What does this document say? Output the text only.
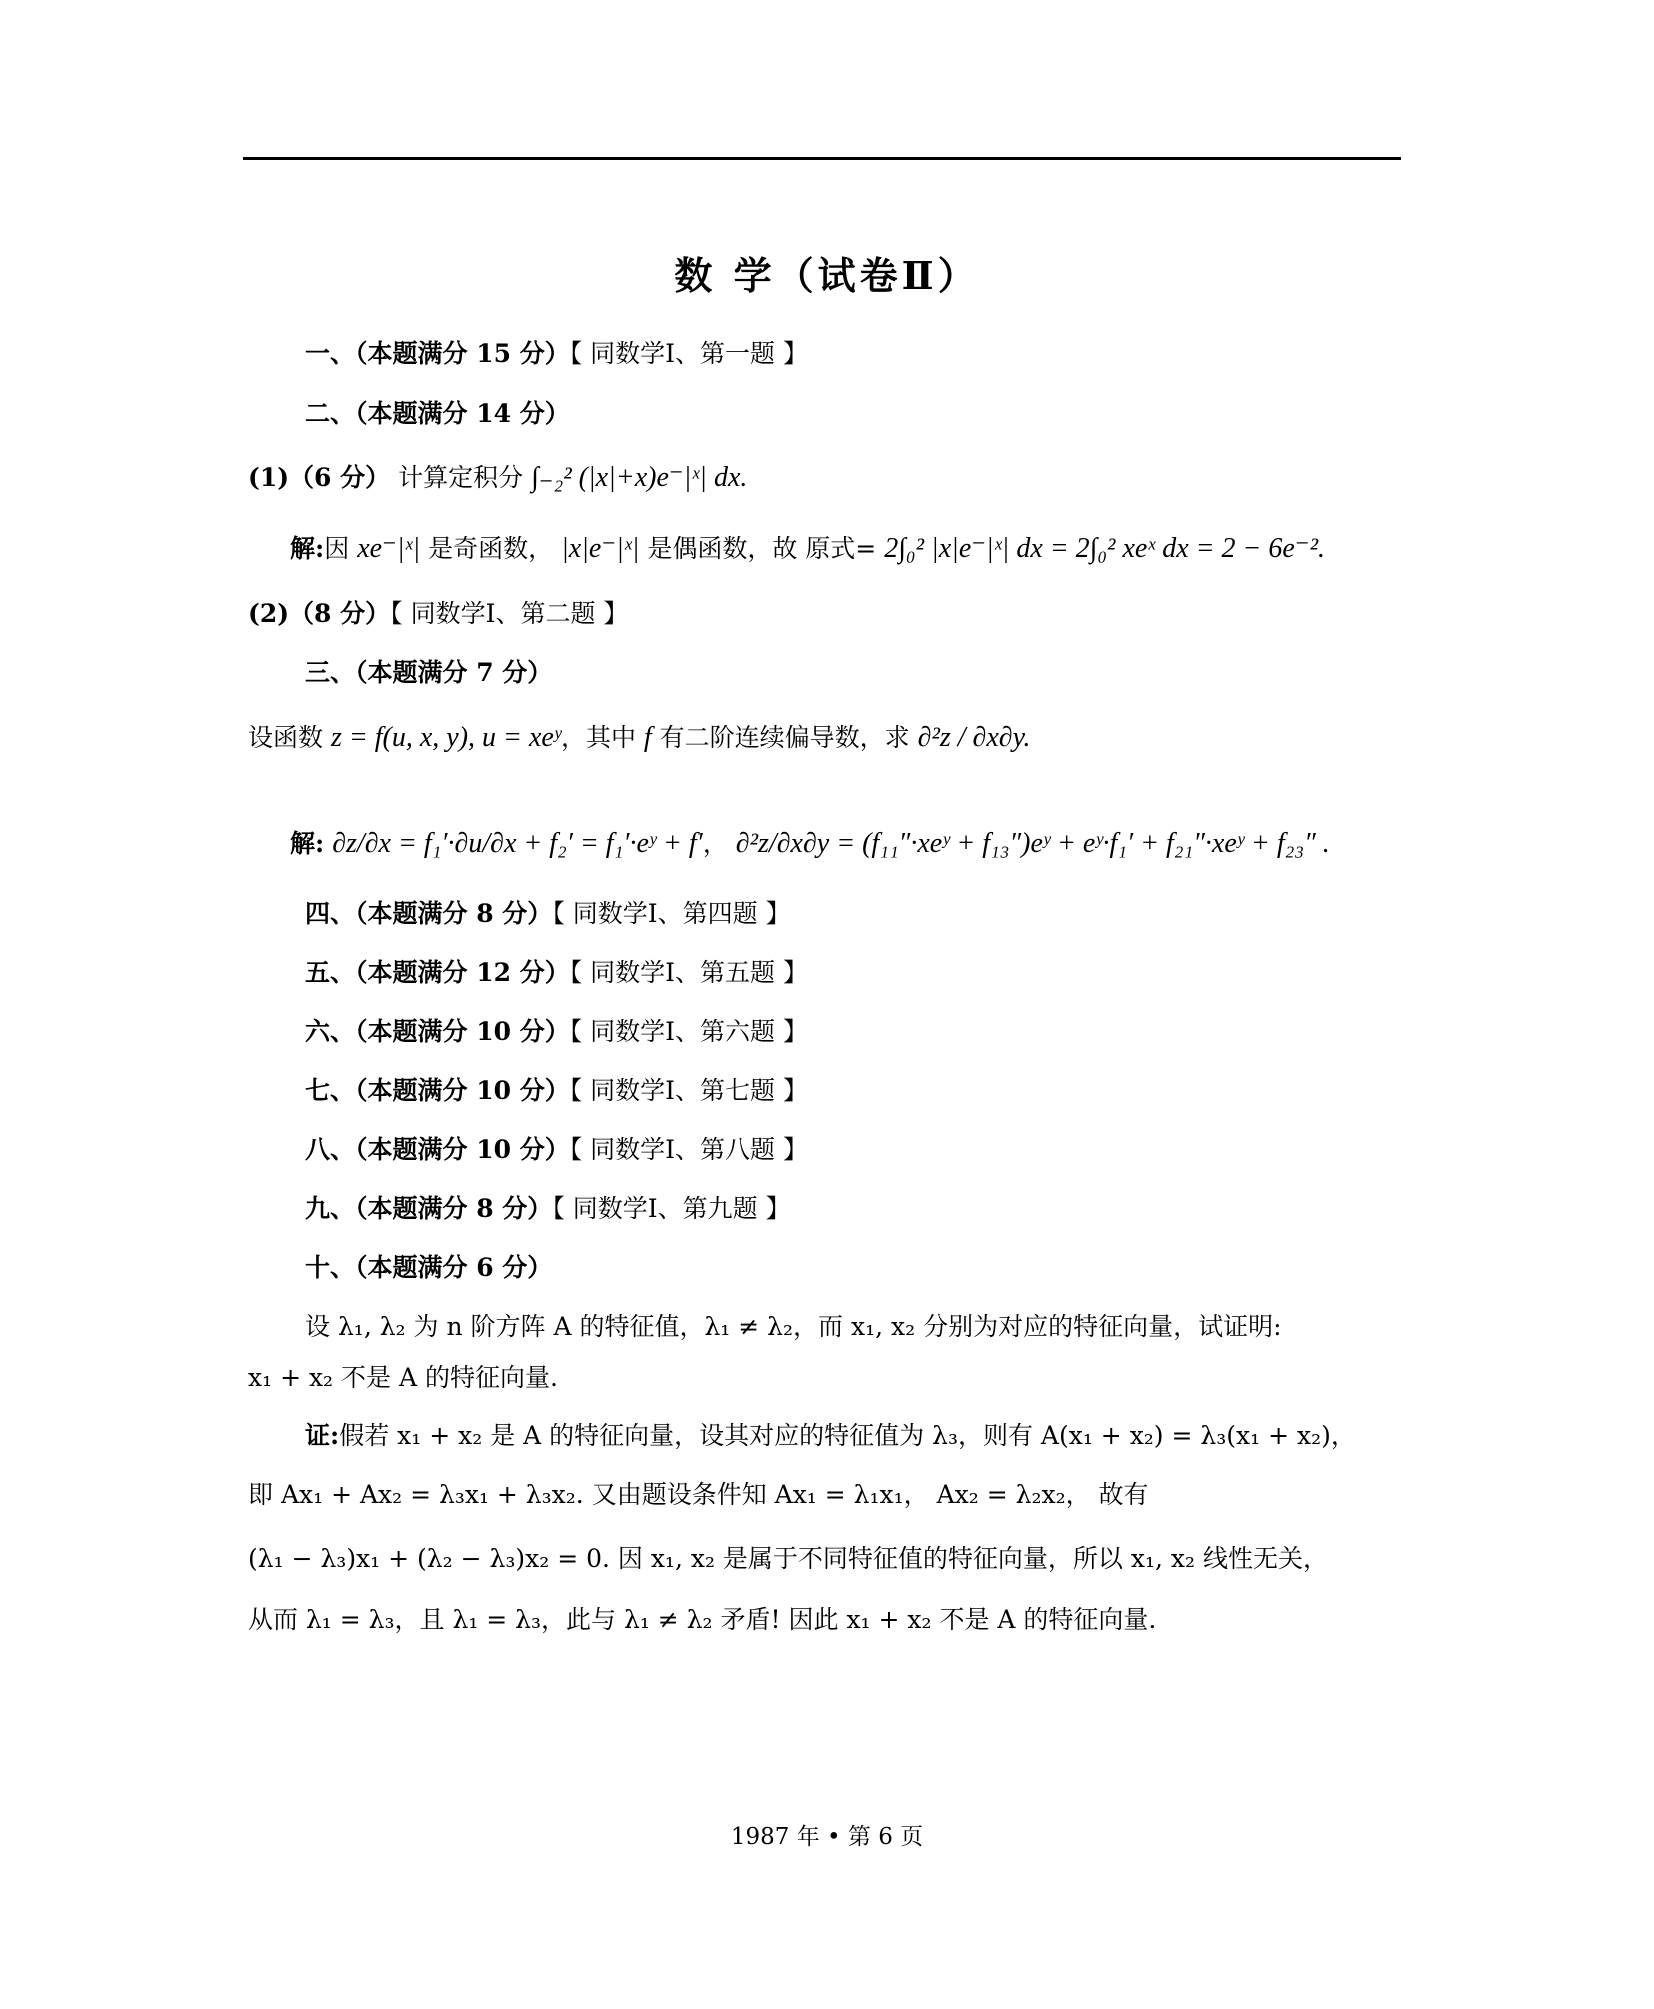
数 学（试卷Ⅱ）
一、（本题满分 15 分）【 同数学Ⅰ、第一题 】
二、（本题满分 14 分）
(1)（6 分） 计算定积分 ∫₋₂² (|x|+x)e⁻|ˣ| dx.
解:因 xe⁻|ˣ| 是奇函数， |x|e⁻|ˣ| 是偶函数，故 原式= 2∫₀² |x|e⁻|ˣ| dx = 2∫₀² xeˣ dx = 2 − 6e⁻².
(2)（8 分）【 同数学Ⅰ、第二题 】
三、（本题满分 7 分）
设函数 z = f(u, x, y), u = xeʸ，其中 f 有二阶连续偏导数，求 ∂²z / ∂x∂y.
解: ∂z/∂x = f₁′·∂u/∂x + f₂′ = f₁′·eʸ + f′， ∂²z/∂x∂y = (f₁₁″·xeʸ + f₁₃″)eʸ + eʸ·f₁′ + f₂₁″·xeʸ + f₂₃″ .
四、（本题满分 8 分）【 同数学Ⅰ、第四题 】
五、（本题满分 12 分）【 同数学Ⅰ、第五题 】
六、（本题满分 10 分）【 同数学Ⅰ、第六题 】
七、（本题满分 10 分）【 同数学Ⅰ、第七题 】
八、（本题满分 10 分）【 同数学Ⅰ、第八题 】
九、（本题满分 8 分）【 同数学Ⅰ、第九题 】
十、（本题满分 6 分）
设 λ₁, λ₂ 为 n 阶方阵 A 的特征值，λ₁ ≠ λ₂，而 x₁, x₂ 分别为对应的特征向量，试证明:
x₁ + x₂ 不是 A 的特征向量.
证:假若 x₁ + x₂ 是 A 的特征向量，设其对应的特征值为 λ₃，则有 A(x₁ + x₂) = λ₃(x₁ + x₂)，
即 Ax₁ + Ax₂ = λ₃x₁ + λ₃x₂. 又由题设条件知 Ax₁ = λ₁x₁， Ax₂ = λ₂x₂， 故有
(λ₁ − λ₃)x₁ + (λ₂ − λ₃)x₂ = 0. 因 x₁, x₂ 是属于不同特征值的特征向量，所以 x₁, x₂ 线性无关，
从而 λ₁ = λ₃，且 λ₁ = λ₃，此与 λ₁ ≠ λ₂ 矛盾! 因此 x₁ + x₂ 不是 A 的特征向量.
1987 年 • 第 6 页
